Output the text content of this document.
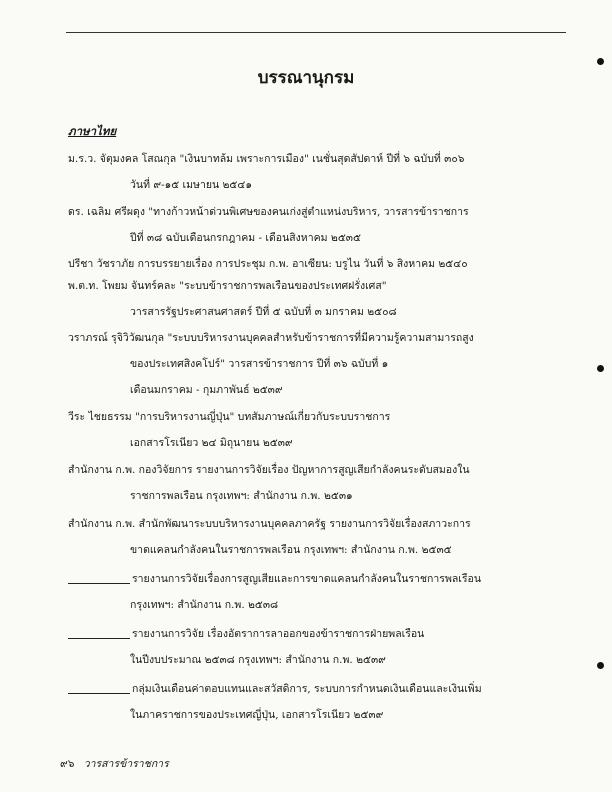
บรรณานุกรม
ภาษาไทย
ม.ร.ว. จัตุมงคล โสณกุล "เงินบาทล้ม เพราะการเมือง" เนชั่นสุดสัปดาห์ ปีที่ ๖ ฉบับที่ ๓๐๖
วันที่ ๙-๑๕ เมษายน ๒๕๔๑
ดร. เฉลิม ศรีผดุง "ทางก้าวหน้าด่วนพิเศษของคนเก่งสู่ตำแหน่งบริหาร, วารสารข้าราชการ
ปีที่ ๓๘ ฉบับเดือนกรกฎาคม - เดือนสิงหาคม ๒๕๓๕
ปรีชา วัชราภัย การบรรยายเรื่อง การประชุม ก.พ. อาเซียน: บรูไน วันที่ ๖ สิงหาคม ๒๕๔๐
พ.ต.ท. โพยม จันทร์คละ "ระบบข้าราชการพลเรือนของประเทศฝรั่งเศส"
วารสารรัฐประศาสนศาสตร์ ปีที่ ๕ ฉบับที่ ๓ มกราคม ๒๕๐๘
วราภรณ์ รุจิวิวัฒนกุล "ระบบบริหารงานบุคคลสำหรับข้าราชการที่มีความรู้ความสามารถสูง
ของประเทศสิงคโปร์" วารสารข้าราชการ ปีที่ ๓๖ ฉบับที่ ๑
เดือนมกราคม - กุมภาพันธ์ ๒๕๓๙
วีระ ไชยธรรม "การบริหารงานญี่ปุ่น" บทสัมภาษณ์เกี่ยวกับระบบราชการ
เอกสารโรเนียว ๒๔ มิถุนายน ๒๕๓๙
สำนักงาน ก.พ. กองวิจัยการ รายงานการวิจัยเรื่อง ปัญหาการสูญเสียกำลังคนระดับสมองใน
ราชการพลเรือน กรุงเทพฯ: สำนักงาน ก.พ. ๒๕๓๑
สำนักงาน ก.พ. สำนักพัฒนาระบบบริหารงานบุคคลภาครัฐ รายงานการวิจัยเรื่องสภาวะการ
ขาดแคลนกำลังคนในราชการพลเรือน กรุงเทพฯ: สำนักงาน ก.พ. ๒๕๓๕
รายงานการวิจัยเรื่องการสูญเสียและการขาดแคลนกำลังคนในราชการพลเรือน
กรุงเทพฯ: สำนักงาน ก.พ. ๒๕๓๘
รายงานการวิจัย เรื่องอัตราการลาออกของข้าราชการฝ่ายพลเรือน
ในปีงบประมาณ ๒๕๓๘ กรุงเทพฯ: สำนักงาน ก.พ. ๒๕๓๙
กลุ่มเงินเดือนค่าตอบแทนและสวัสดิการ, ระบบการกำหนดเงินเดือนและเงินเพิ่ม
ในภาคราชการของประเทศญี่ปุ่น, เอกสารโรเนียว ๒๕๓๙
๙๖ วารสารข้าราชการ
